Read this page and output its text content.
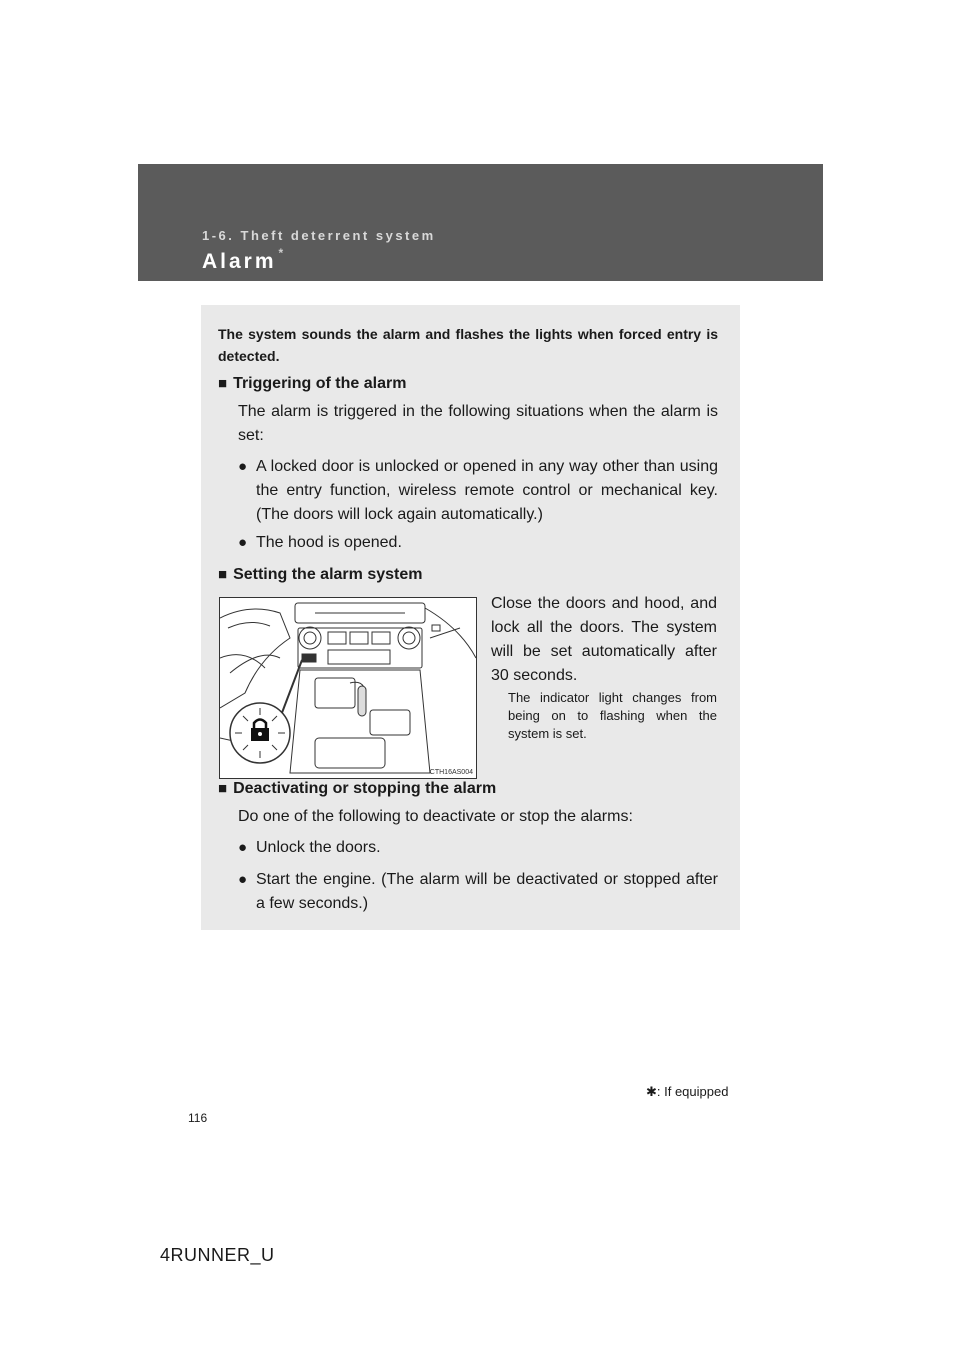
1-6. Theft deterrent system
Alarm *
The system sounds the alarm and flashes the lights when forced entry is detected.
■ Triggering of the alarm
The alarm is triggered in the following situations when the alarm is set:
● A locked door is unlocked or opened in any way other than using the entry function, wireless remote control or mechanical key. (The doors will lock again automatically.)
● The hood is opened.
■ Setting the alarm system
CTH16AS004
Close the doors and hood, and lock all the doors. The system will be set automatically after 30 seconds.
The indicator light changes from being on to flashing when the system is set.
■ Deactivating or stopping the alarm
Do one of the following to deactivate or stop the alarms:
● Unlock the doors.
● Start the engine. (The alarm will be deactivated or stopped after a few seconds.)
✱: If equipped
116
4RUNNER_U
